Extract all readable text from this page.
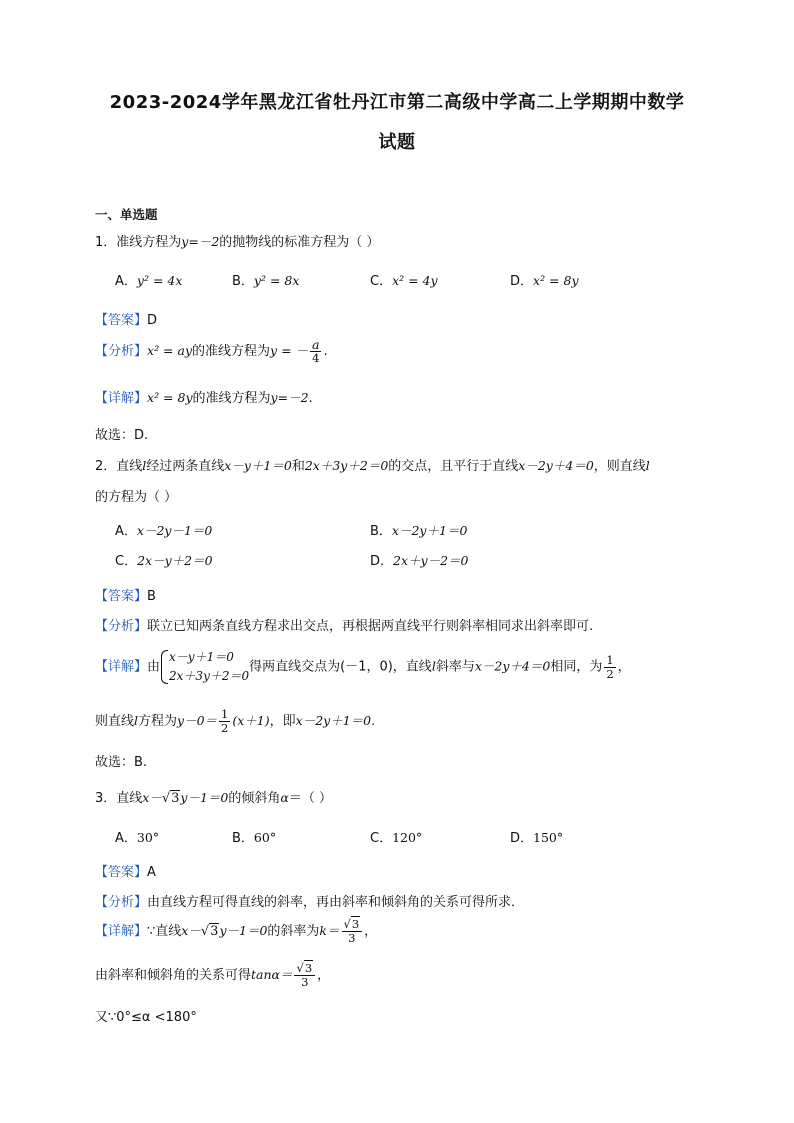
2023-2024学年黑龙江省牡丹江市第二高级中学高二上学期期中数学
试题
一、单选题
1．准线方程为y=－2的抛物线的标准方程为（ ）
A．y² = 4x	B．y² = 8x	C．x² = 4y	D．x² = 8y
【答案】D
【分析】x² = ay的准线方程为y = － $\frac{a}{4}$ .
【详解】x² = 8y的准线方程为y=－2.
故选：D.
2．直线l经过两条直线x－y＋1＝0和2x＋3y＋2＝0的交点，且平行于直线x－2y＋4＝0，则直线l
的方程为（ ）
A．x－2y－1＝0	B．x－2y＋1＝0
C．2x－y＋2＝0	D．2x＋y－2＝0
【答案】B
【分析】联立已知两条直线方程求出交点，再根据两直线平行则斜率相同求出斜率即可.
【详解】由
x－y＋1＝0
2x＋3y＋2＝0
得两直线交点为(－1，0)，直线l斜率与x－2y＋4＝0相同，为 $\frac{1}{2}$ ，
则直线l方程为$y-0= \frac{1}{2} (x+1)$，即x－2y＋1＝0.
故选：B.
3．直线x－√3y－1＝0的倾斜角α＝（ ）
A．30°	B．60°	C．120°	D．150°
【答案】A
【分析】由直线方程可得直线的斜率，再由斜率和倾斜角的关系可得所求．
【详解】∵直线x－√3y－1＝0的斜率为$k= \frac{√3}{3}$ ，
由斜率和倾斜角的关系可得$\tan\alpha= \frac{√3}{3}$ ，
又∵0°≤α <180°
